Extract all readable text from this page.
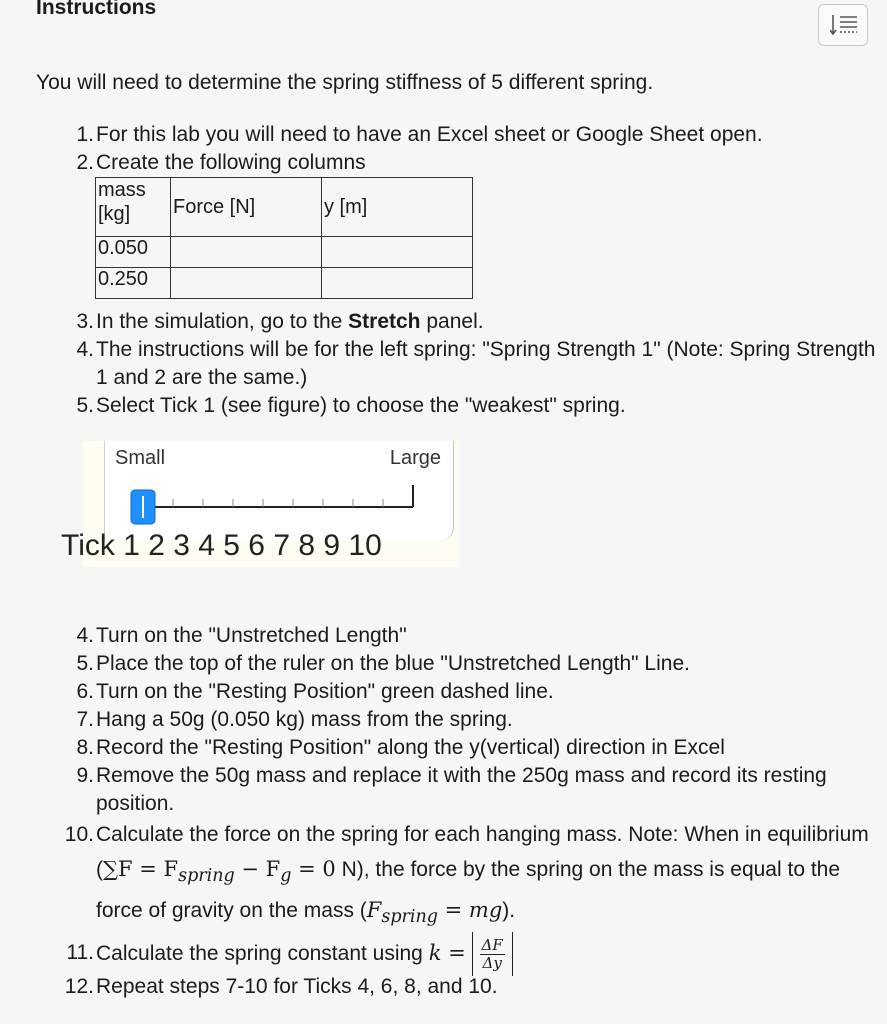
Instructions

You will need to determine the spring stiffness of 5 different spring.

1. For this lab you will need to have an Excel sheet or Google Sheet open.
2. Create the following columns
mass [kg]	Force [N]	y [m]
0.050		
0.250		
3. In the simulation, go to the Stretch panel.
4. The instructions will be for the left spring: "Spring Strength 1" (Note: Spring Strength 1 and 2 are the same.)
5. Select Tick 1 (see figure) to choose the "weakest" spring.
Small	Large
Tick 1 2 3 4 5 6 7 8 9 10
4. Turn on the "Unstretched Length"
5. Place the top of the ruler on the blue "Unstretched Length" Line.
6. Turn on the "Resting Position" green dashed line.
7. Hang a 50g (0.050 kg) mass from the spring.
8. Record the "Resting Position" along the y(vertical) direction in Excel
9. Remove the 50g mass and replace it with the 250g mass and record its resting position.
10. Calculate the force on the spring for each hanging mass. Note: When in equilibrium ($\sum F = F_{spring} - F_g = 0$ N), the force by the spring on the mass is equal to the force of gravity on the mass $(F_{spring} = mg)$.
11. Calculate the spring constant using $k = \frac{\Delta F}{\Delta y}$
12. Repeat steps 7-10 for Ticks 4, 6, 8, and 10.
